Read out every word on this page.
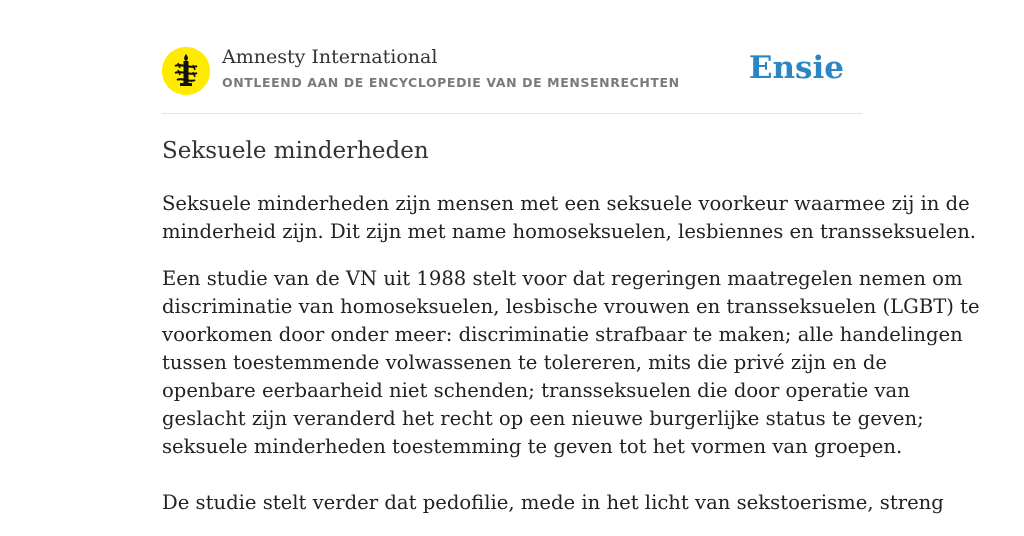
Amnesty International
ONTLEEND AAN DE ENCYCLOPEDIE VAN DE MENSENRECHTEN Ensie
Seksuele minderheden

Seksuele minderheden zijn mensen met een seksuele voorkeur waarmee zij in de
minderheid zijn. Dit zijn met name homoseksuelen, lesbiennes en transseksuelen.

Een studie van de VN uit 1988 stelt voor dat regeringen maatregelen nemen om
discriminatie van homoseksuelen, lesbische vrouwen en transseksuelen (LGBT) te
voorkomen door onder meer: discriminatie strafbaar te maken; alle handelingen
tussen toestemmende volwassenen te tolereren, mits die privé zijn en de
openbare eerbaarheid niet schenden; transseksuelen die door operatie van
geslacht zijn veranderd het recht op een nieuwe burgerlijke status te geven;
seksuele minderheden toestemming te geven tot het vormen van groepen.

De studie stelt verder dat pedofilie, mede in het licht van sekstoerisme, streng
